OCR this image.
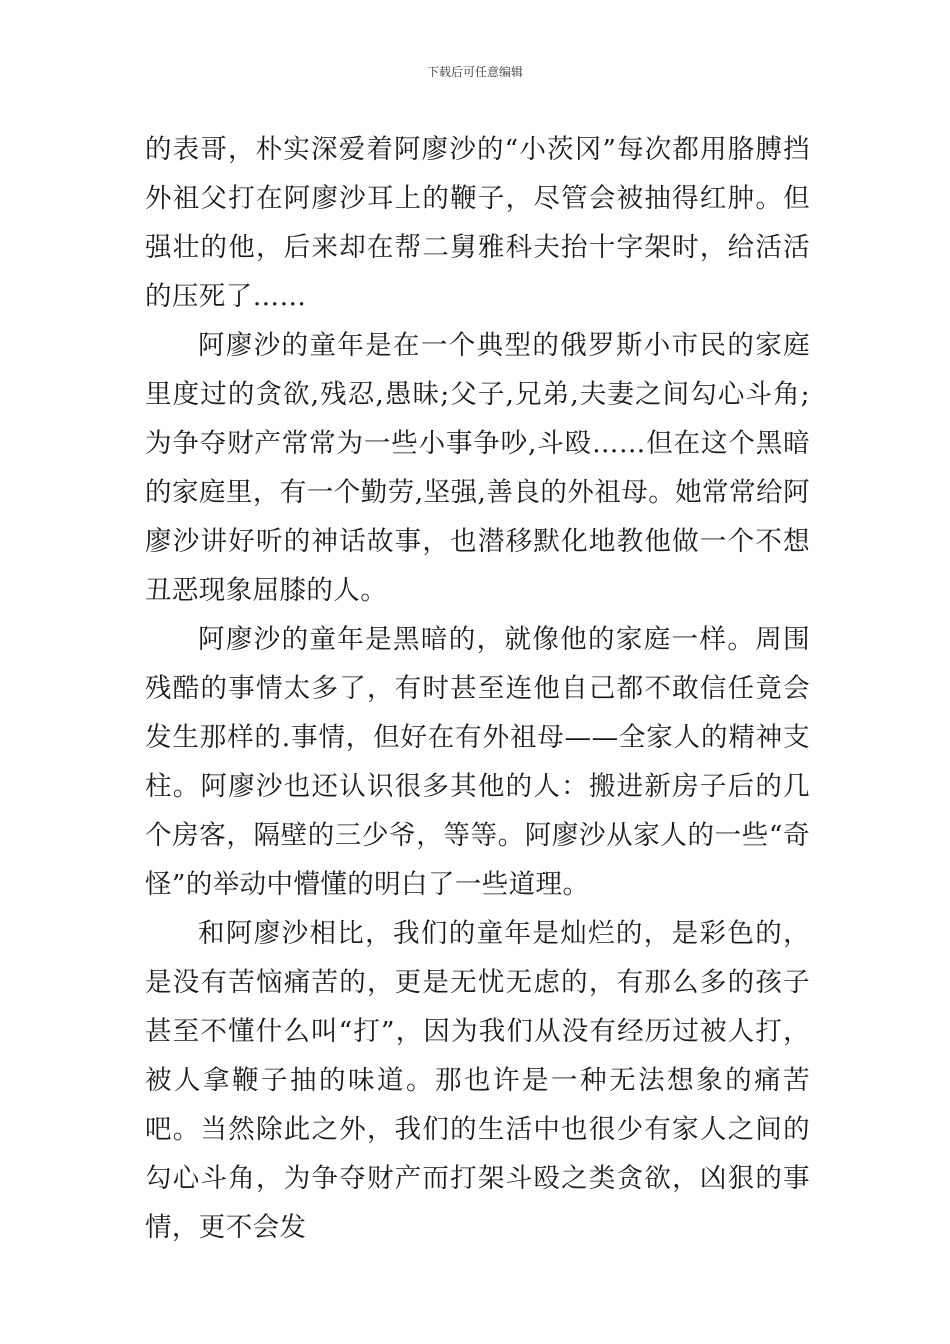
下载后可任意编辑

的表哥，朴实深爱着阿廖沙的“小茨冈”每次都用胳膊挡外祖父打在阿廖沙耳上的鞭子，尽管会被抽得红肿。但强壮的他，后来却在帮二舅雅科夫抬十字架时，给活活的压死了……

阿廖沙的童年是在一个典型的俄罗斯小市民的家庭里度过的贪欲,残忍,愚昧;父子,兄弟,夫妻之间勾心斗角;为争夺财产常常为一些小事争吵,斗殴……但在这个黑暗的家庭里，有一个勤劳,坚强,善良的外祖母。她常常给阿廖沙讲好听的神话故事，也潜移默化地教他做一个不想丑恶现象屈膝的人。

阿廖沙的童年是黑暗的，就像他的家庭一样。周围残酷的事情太多了，有时甚至连他自己都不敢信任竟会发生那样的.事情，但好在有外祖母——全家人的精神支柱。阿廖沙也还认识很多其他的人：搬进新房子后的几个房客，隔壁的三少爷，等等。阿廖沙从家人的一些“奇怪”的举动中懵懂的明白了一些道理。

和阿廖沙相比，我们的童年是灿烂的，是彩色的，是没有苦恼痛苦的，更是无忧无虑的，有那么多的孩子甚至不懂什么叫“打”，因为我们从没有经历过被人打，被人拿鞭子抽的味道。那也许是一种无法想象的痛苦吧。当然除此之外，我们的生活中也很少有家人之间的勾心斗角，为争夺财产而打架斗殴之类贪欲，凶狠的事情，更不会发
